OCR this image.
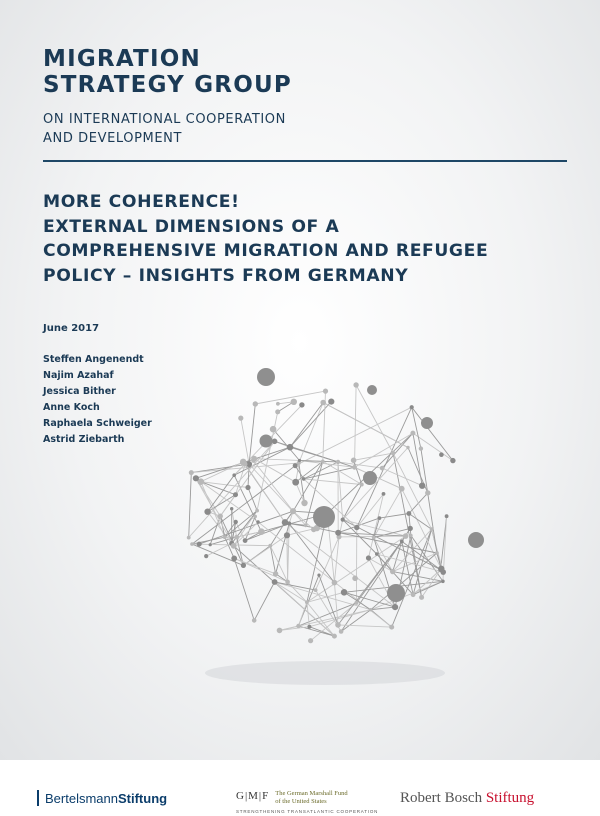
MIGRATION
STRATEGY GROUP
ON INTERNATIONAL COOPERATION
AND DEVELOPMENT
MORE COHERENCE!
EXTERNAL DIMENSIONS OF A
COMPREHENSIVE MIGRATION AND REFUGEE
POLICY – INSIGHTS FROM GERMANY
June 2017
Steffen Angenendt
Najim Azahaf
Jessica Bither
Anne Koch
Raphaela Schweiger
Astrid Ziebarth
Bertelsmann Stiftung	G|M|F The German Marshall Fund
of the United States
STRENGTHENING TRANSATLANTIC COOPERATION
Robert Bosch Stiftung
